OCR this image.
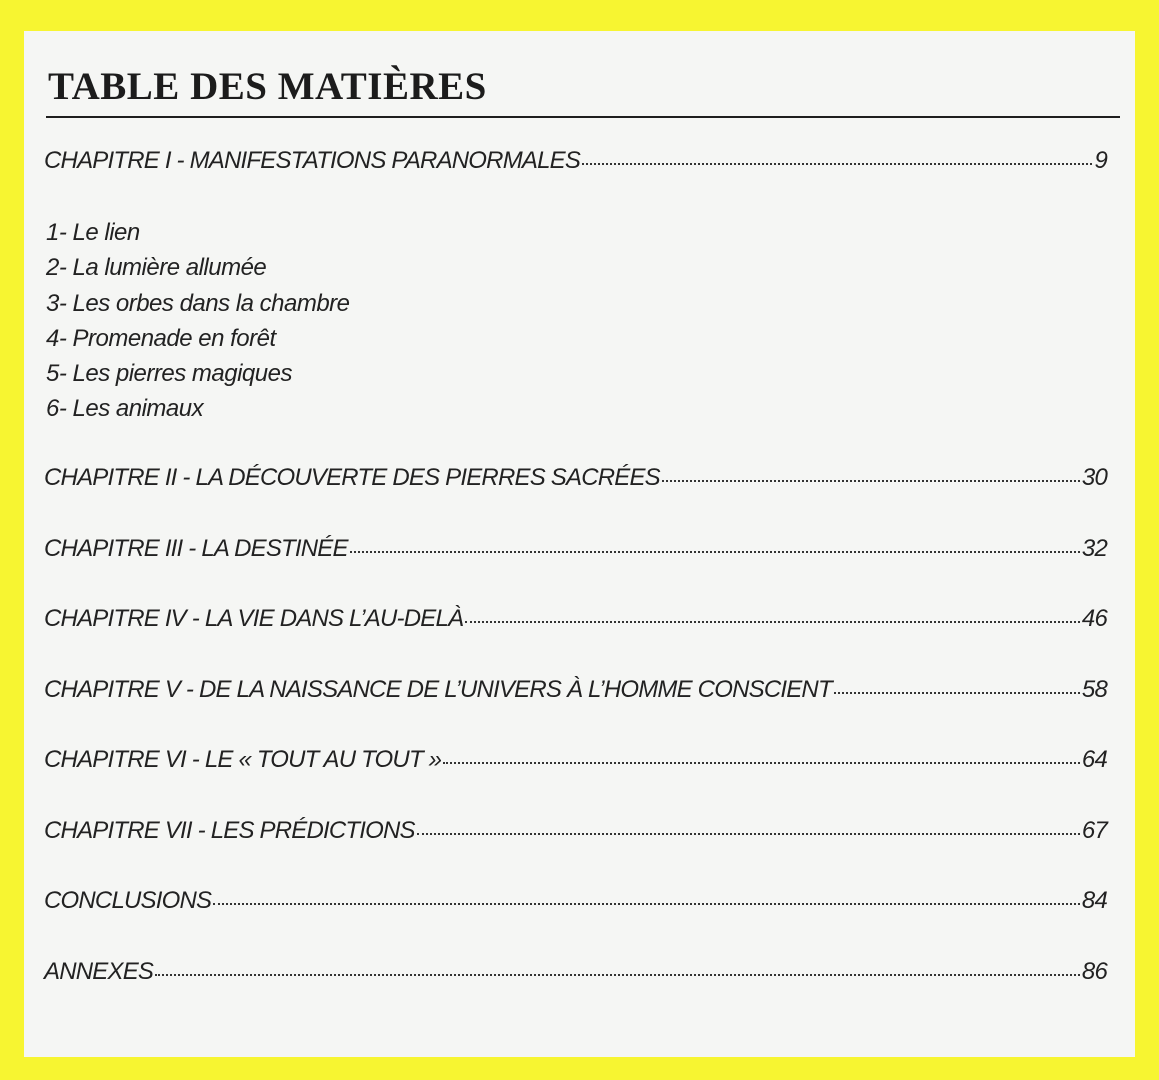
TABLE DES MATIÈRES
CHAPITRE I - MANIFESTATIONS PARANORMALES	9
1- Le lien
2- La lumière allumée
3- Les orbes dans la chambre
4- Promenade en forêt
5- Les pierres magiques
6- Les animaux
CHAPITRE II - LA DÉCOUVERTE DES PIERRES SACRÉES	30
CHAPITRE III - LA DESTINÉE	32
CHAPITRE IV - LA VIE DANS L’AU-DELÀ	46
CHAPITRE V - DE LA NAISSANCE DE L’UNIVERS À L’HOMME CONSCIENT	58
CHAPITRE VI - LE « TOUT AU TOUT »	64
CHAPITRE VII - LES PRÉDICTIONS	67
CONCLUSIONS	84
ANNEXES	86
